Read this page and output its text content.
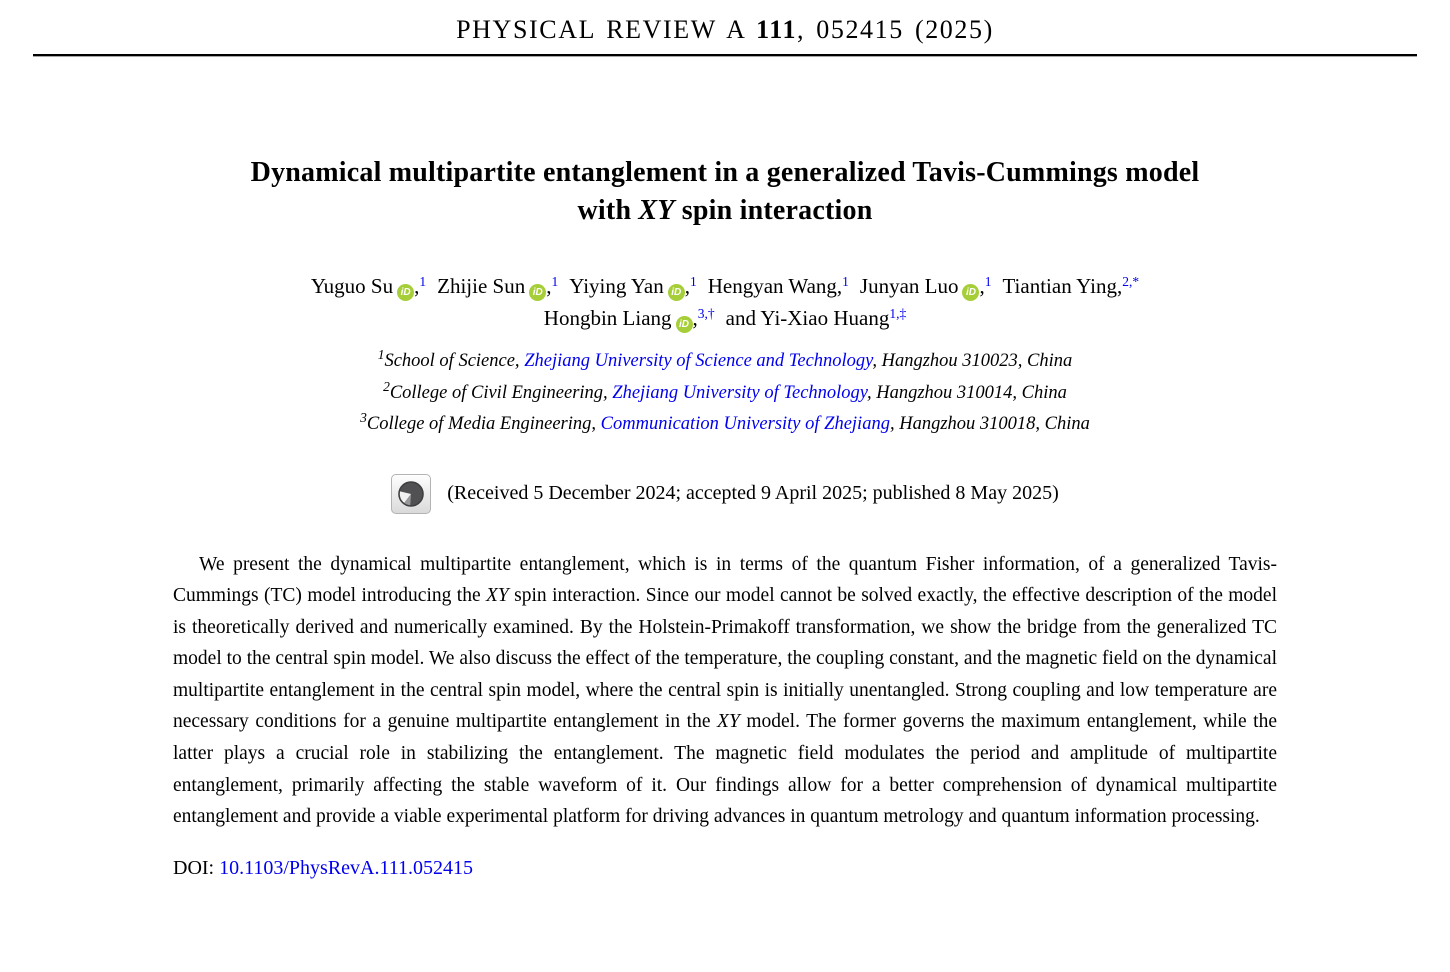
PHYSICAL REVIEW A 111, 052415 (2025)
Dynamical multipartite entanglement in a generalized Tavis-Cummings model
with XY spin interaction
Yuguo Su iD ,$^1$ Zhijie Sun iD ,$^1$ Yiying Yan iD ,$^1$ Hengyan Wang,$^1$ Junyan Luo iD ,$^1$ Tiantian Ying,$^{2,*}$
Hongbin Liang iD ,$^{3,\dagger}$ and Yi-Xiao Huang$^{1,\ddagger}$
$^1$School of Science, Zhejiang University of Science and Technology, Hangzhou 310023, China
$^2$College of Civil Engineering, Zhejiang University of Technology, Hangzhou 310014, China
$^3$College of Media Engineering, Communication University of Zhejiang, Hangzhou 310018, China
(Received 5 December 2024; accepted 9 April 2025; published 8 May 2025)

We present the dynamical multipartite entanglement, which is in terms of the quantum Fisher information, of a generalized Tavis-Cummings (TC) model introducing the XY spin interaction. Since our model cannot be solved exactly, the effective description of the model is theoretically derived and numerically examined. By the Holstein-Primakoff transformation, we show the bridge from the generalized TC model to the central spin model. We also discuss the effect of the temperature, the coupling constant, and the magnetic field on the dynamical multipartite entanglement in the central spin model, where the central spin is initially unentangled. Strong coupling and low temperature are necessary conditions for a genuine multipartite entanglement in the XY model. The former governs the maximum entanglement, while the latter plays a crucial role in stabilizing the entanglement. The magnetic field modulates the period and amplitude of multipartite entanglement, primarily affecting the stable waveform of it. Our findings allow for a better comprehension of dynamical multipartite entanglement and provide a viable experimental platform for driving advances in quantum metrology and quantum information processing.

DOI: 10.1103/PhysRevA.111.052415
